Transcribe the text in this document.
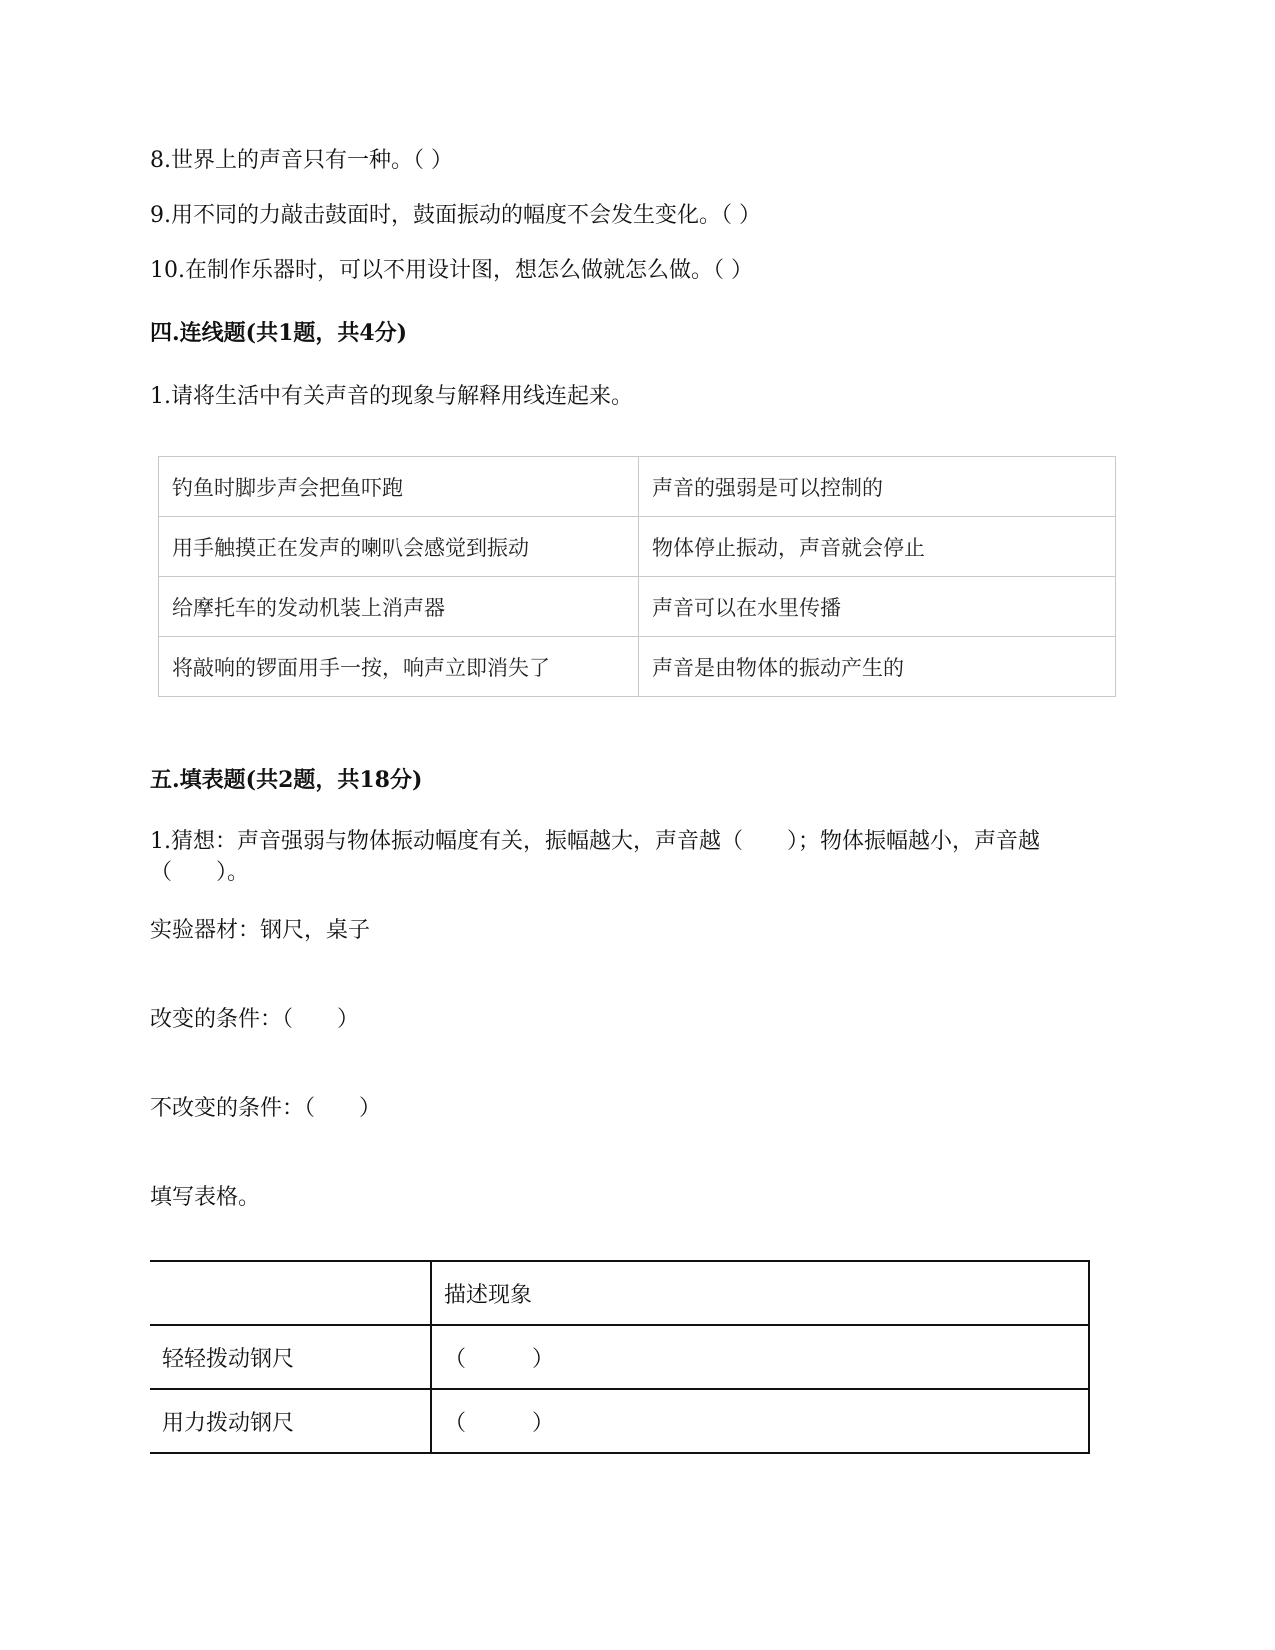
8.世界上的声音只有一种。（ ）
9.用不同的力敲击鼓面时，鼓面振动的幅度不会发生变化。（ ）
10.在制作乐器时，可以不用设计图，想怎么做就怎么做。（ ）
四.连线题(共1题，共4分)
1.请将生活中有关声音的现象与解释用线连起来。
钓鱼时脚步声会把鱼吓跑	声音的强弱是可以控制的
用手触摸正在发声的喇叭会感觉到振动	物体停止振动，声音就会停止
给摩托车的发动机装上消声器	声音可以在水里传播
将敲响的锣面用手一按，响声立即消失了	声音是由物体的振动产生的
五.填表题(共2题，共18分)
1.猜想：声音强弱与物体振动幅度有关，振幅越大，声音越（　　）；物体振幅越小，声音越（　　）。
实验器材：钢尺，桌子
改变的条件：（　　）
不改变的条件：（　　）
填写表格。
	描述现象
轻轻拨动钢尺	（　　　）
用力拨动钢尺	（　　　）
